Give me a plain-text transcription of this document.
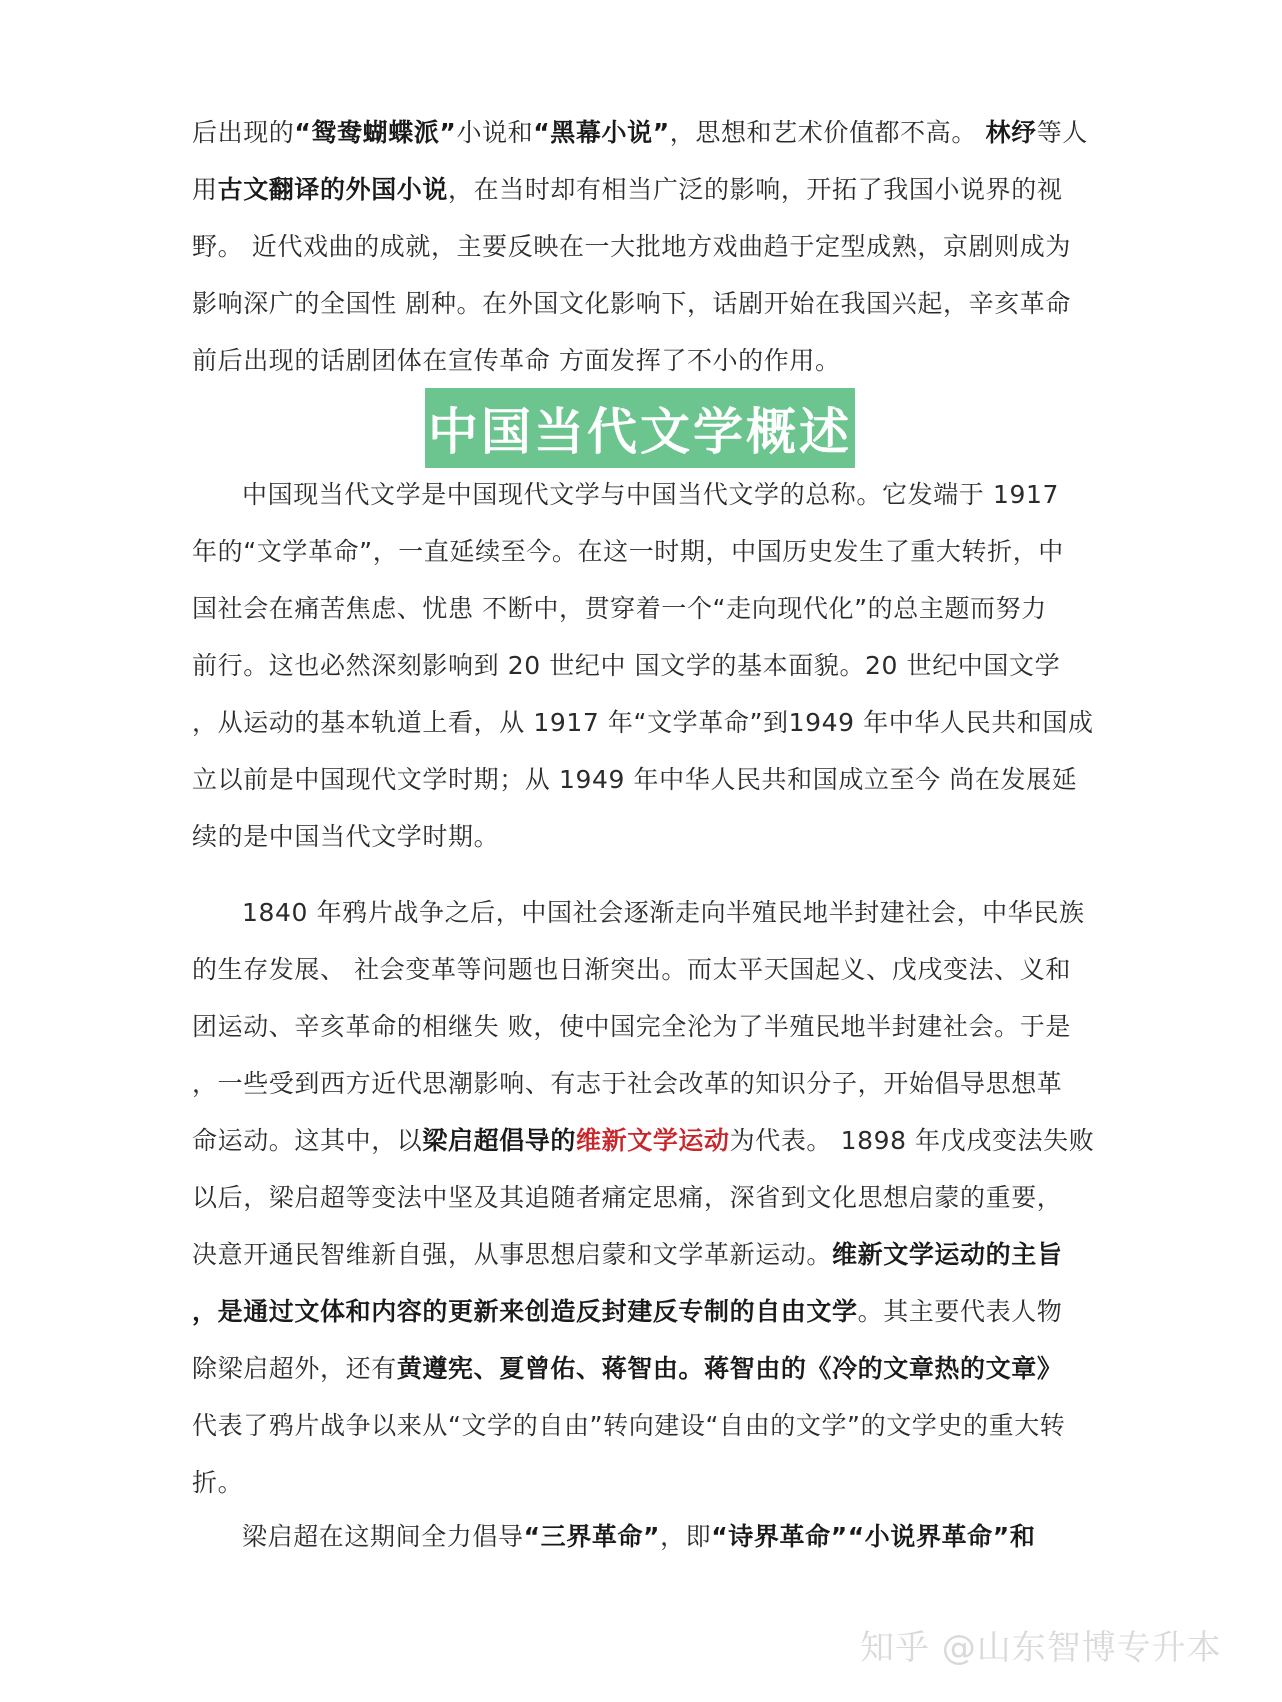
后出现的“鸳鸯蝴蝶派”小说和“黑幕小说”，思想和艺术价值都不高。 林纾等人

用古文翻译的外国小说，在当时却有相当广泛的影响，开拓了我国小说界的视

野。 近代戏曲的成就，主要反映在一大批地方戏曲趋于定型成熟，京剧则成为

影响深广的全国性 剧种。在外国文化影响下，话剧开始在我国兴起，辛亥革命

前后出现的话剧团体在宣传革命 方面发挥了不小的作用。

中国当代文学概述

中国现当代文学是中国现代文学与中国当代文学的总称。它发端于 1917

年的“文学革命”，一直延续至今。在这一时期，中国历史发生了重大转折，中

国社会在痛苦焦虑、忧患 不断中，贯穿着一个“走向现代化”的总主题而努力

前行。这也必然深刻影响到 20 世纪中 国文学的基本面貌。20 世纪中国文学

，从运动的基本轨道上看，从 1917 年“文学革命”到1949 年中华人民共和国成

立以前是中国现代文学时期；从 1949 年中华人民共和国成立至今 尚在发展延

续的是中国当代文学时期。

1840 年鸦片战争之后，中国社会逐渐走向半殖民地半封建社会，中华民族

的生存发展、 社会变革等问题也日渐突出。而太平天国起义、戊戌变法、义和

团运动、辛亥革命的相继失 败，使中国完全沦为了半殖民地半封建社会。于是

，一些受到西方近代思潮影响、有志于社会改革的知识分子，开始倡导思想革

命运动。这其中，以梁启超倡导的维新文学运动为代表。 1898 年戊戌变法失败

以后，梁启超等变法中坚及其追随者痛定思痛，深省到文化思想启蒙的重要，

决意开通民智维新自强，从事思想启蒙和文学革新运动。维新文学运动的主旨

，是通过文体和内容的更新来创造反封建反专制的自由文学。其主要代表人物

除梁启超外，还有黄遵宪、夏曾佑、蒋智由。蒋智由的《冷的文章热的文章》

代表了鸦片战争以来从“文学的自由”转向建设“自由的文学”的文学史的重大转

折。

梁启超在这期间全力倡导“三界革命”，即“诗界革命”“小说界革命”和

知乎 @山东智博专升本
